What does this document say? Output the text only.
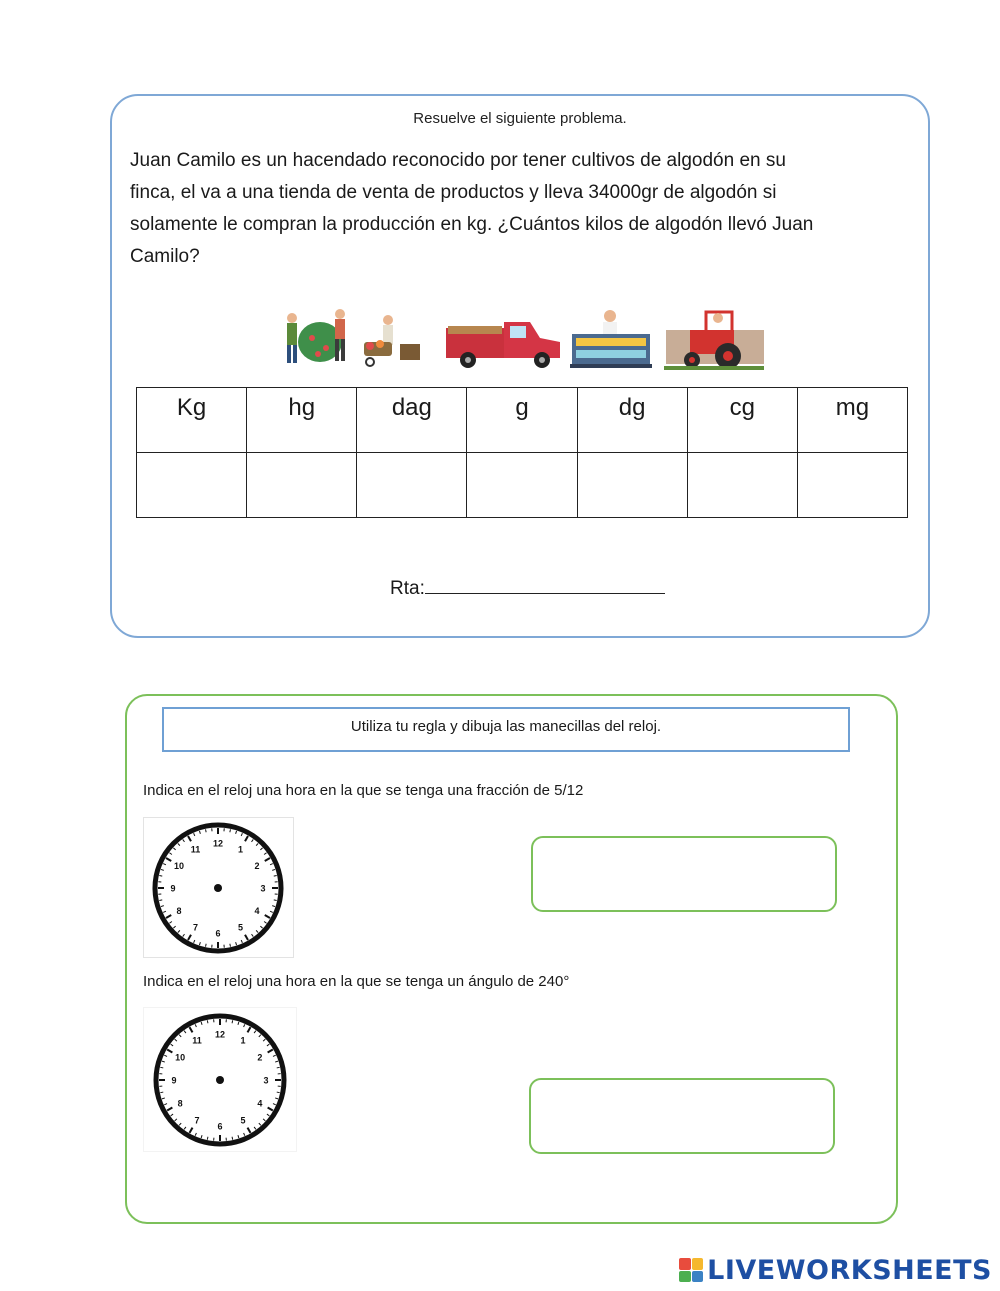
Resuelve el siguiente problema.
Juan Camilo es un hacendado reconocido por tener cultivos de algodón en su
finca, el va a una tienda de venta de productos y lleva 34000gr de algodón si
solamente le compran la producción en kg. ¿Cuántos kilos de algodón llevó Juan
Camilo?
Kg	hg	dag	g	dg	cg	mg

Rta:
Utiliza tu regla y dibuja las manecillas del reloj.
Indica en el reloj una hora en la que se tenga una fracción de 5/12
12
1
2
3
4
5
6
7
8
9
10
11
Indica en el reloj una hora en la que se tenga un ángulo de 240°
12
1
2
3
4
5
6
7
8
9
10
11
LIVEWORKSHEETS
